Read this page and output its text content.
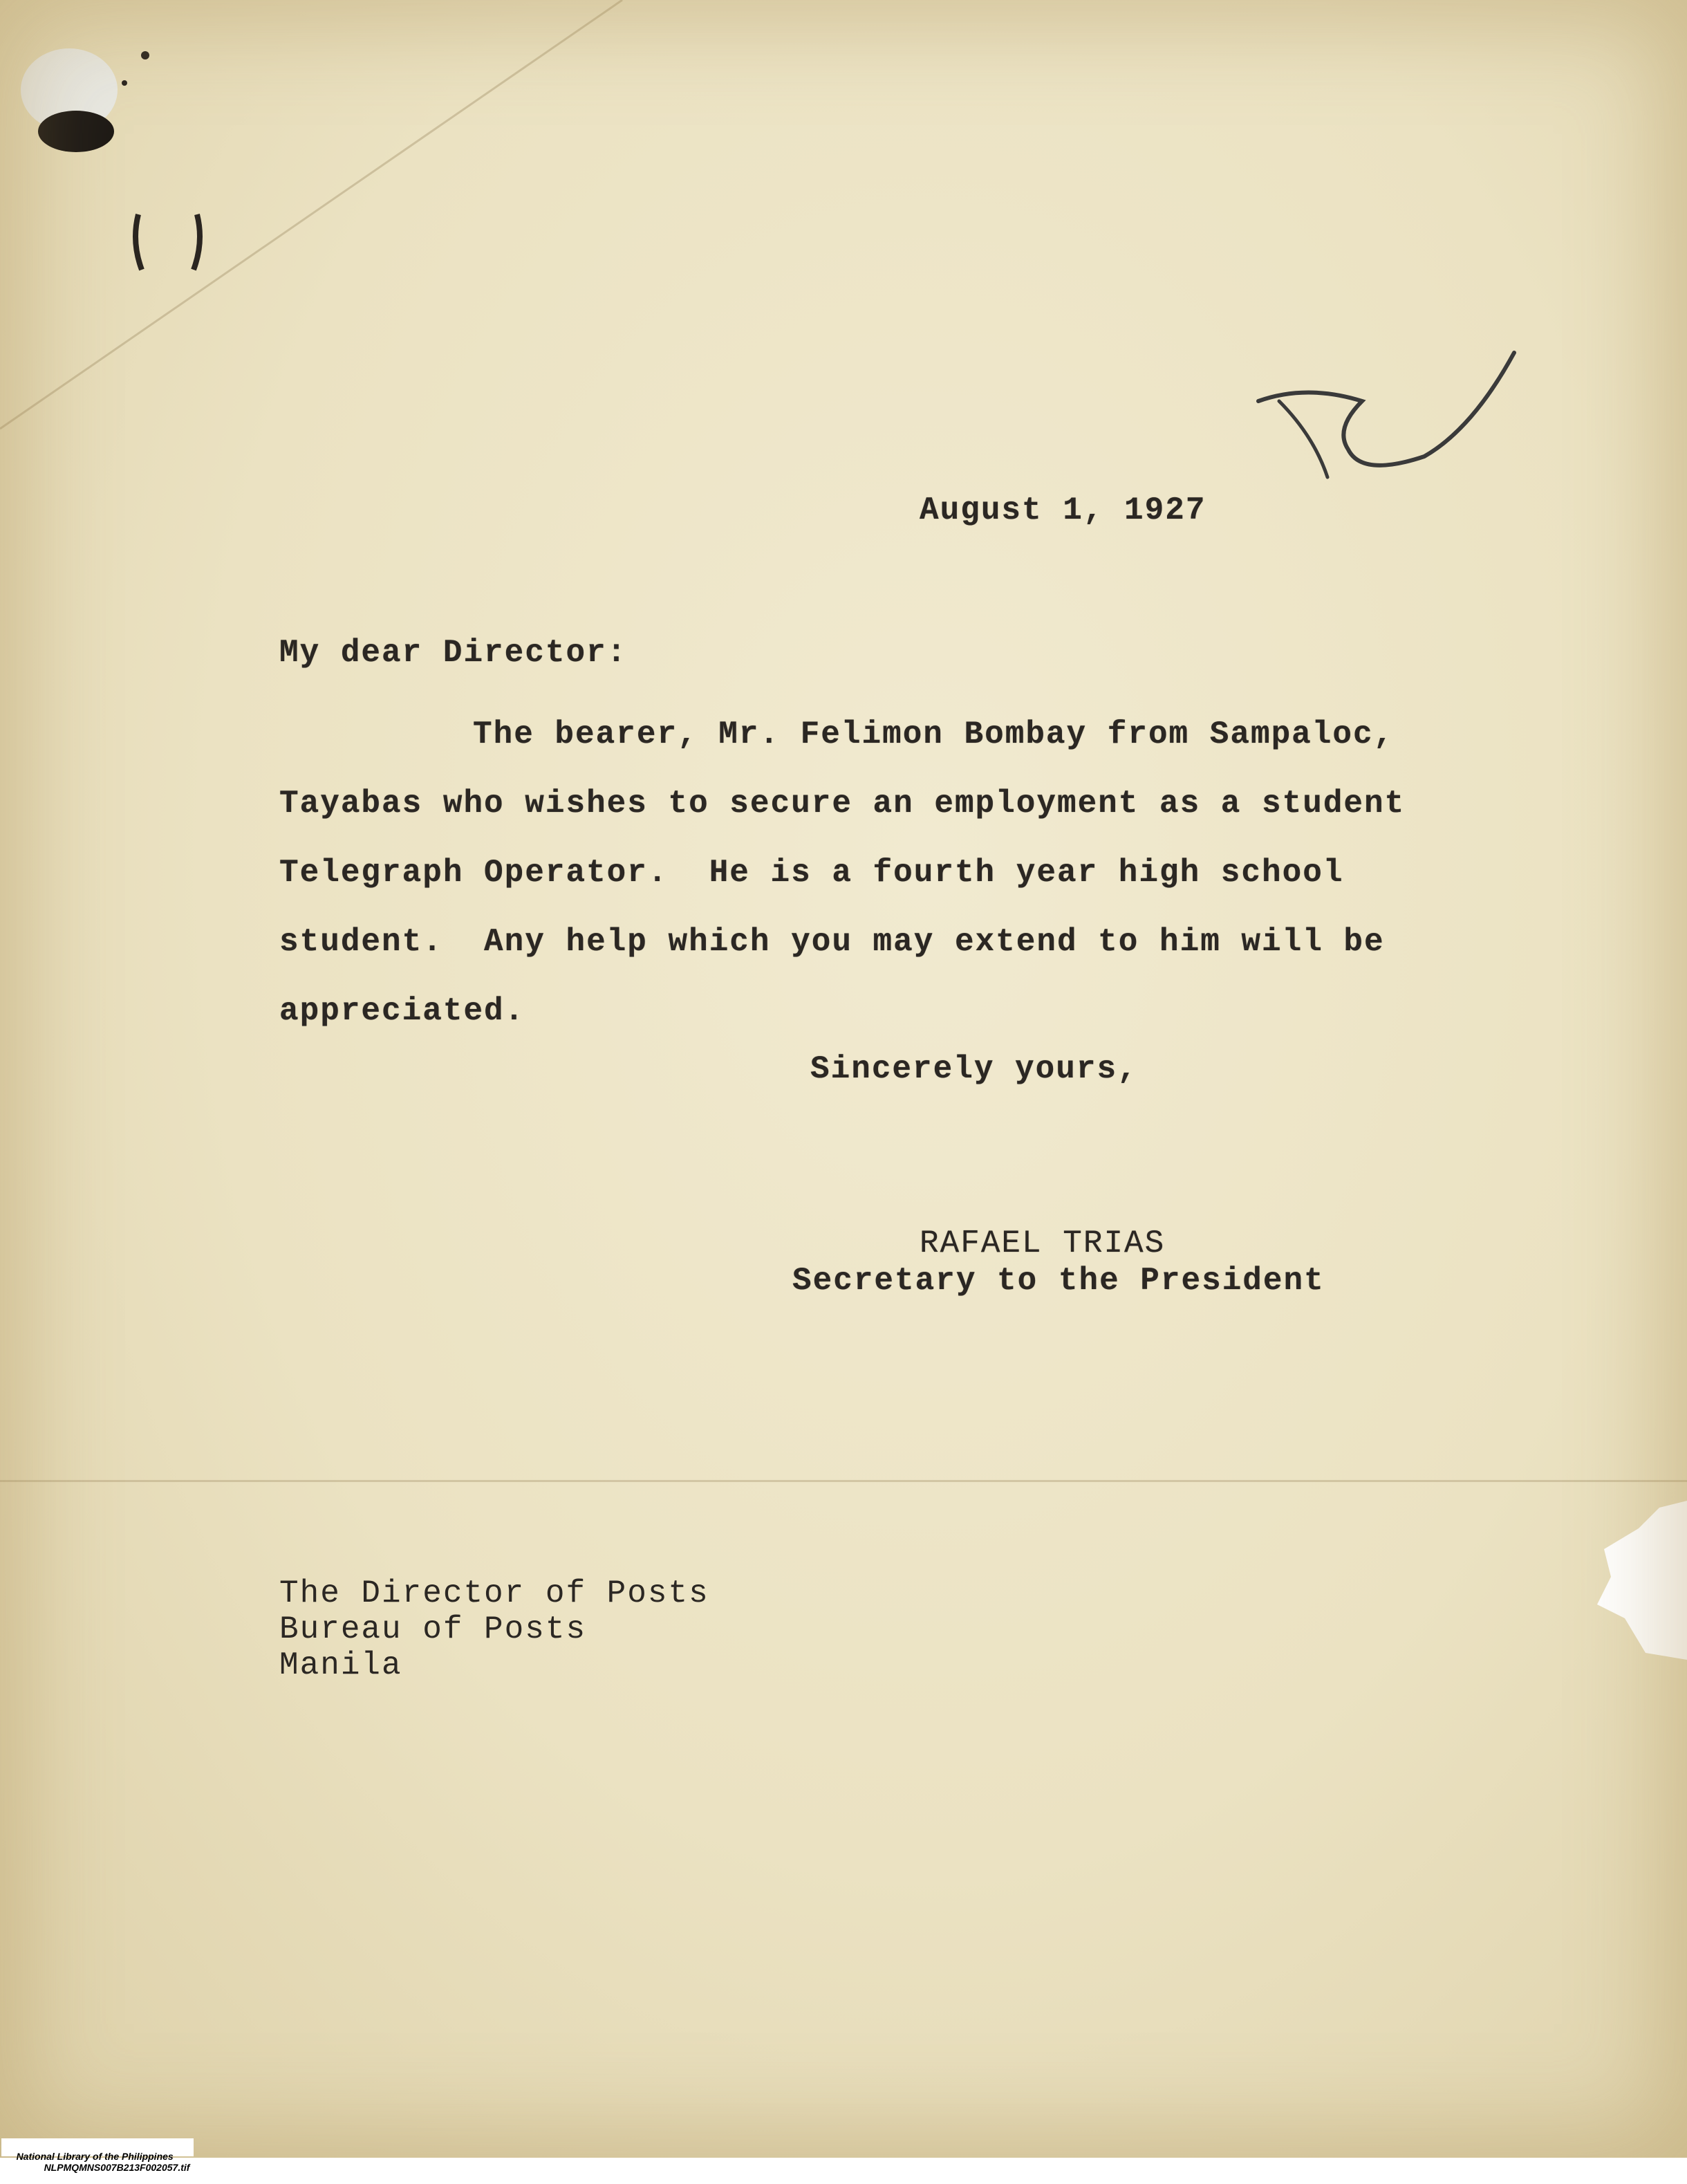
August 1, 1927
My dear Director:
The bearer, Mr. Felimon Bombay from Sampaloc,
Tayabas who wishes to secure an employment as a student
Telegraph Operator.  He is a fourth year high school
student.  Any help which you may extend to him will be
appreciated.
Sincerely yours,
RAFAEL TRIAS
Secretary to the President
The Director of Posts
Bureau of Posts
Manila

National Library of the Philippines
NLPMQMNS007B213F002057.tif
